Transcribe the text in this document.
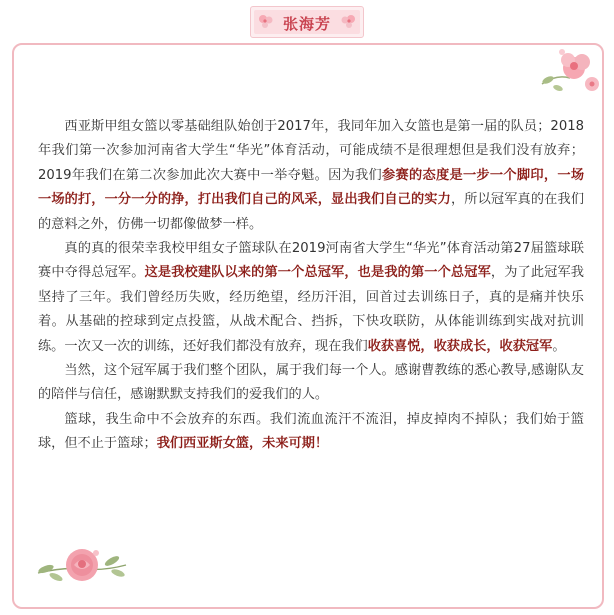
张海芳

西亚斯甲组女篮以零基础组队始创于2017年，我同年加入女篮也是第一届的队员；2018年我们第一次参加河南省大学生“华光”体育活动，可能成绩不是很理想但是我们没有放弃；2019年我们在第二次参加此次大赛中一举夺魁。因为我们参赛的态度是一步一个脚印，一场一场的打，一分一分的挣，打出我们自己的风采，显出我们自己的实力，所以冠军真的在我们的意料之外，仿佛一切都像做梦一样。

真的真的很荣幸我校甲组女子篮球队在2019河南省大学生“华光”体育活动第27届篮球联赛中夺得总冠军。这是我校建队以来的第一个总冠军，也是我的第一个总冠军，为了此冠军我坚持了三年。我们曾经历失败，经历绝望，经历汗泪，回首过去训练日子，真的是痛并快乐着。从基础的控球到定点投篮，从战术配合、挡拆，下快攻联防，从体能训练到实战对抗训练。一次又一次的训练，还好我们都没有放弃，现在我们收获喜悦，收获成长，收获冠军。

当然，这个冠军属于我们整个团队，属于我们每一个人。感谢曹教练的悉心教导,感谢队友的陪伴与信任，感谢默默支持我们的爱我们的人。

篮球，我生命中不会放弃的东西。我们流血流汗不流泪，掉皮掉肉不掉队；我们始于篮球，但不止于篮球；我们西亚斯女篮，未来可期！
